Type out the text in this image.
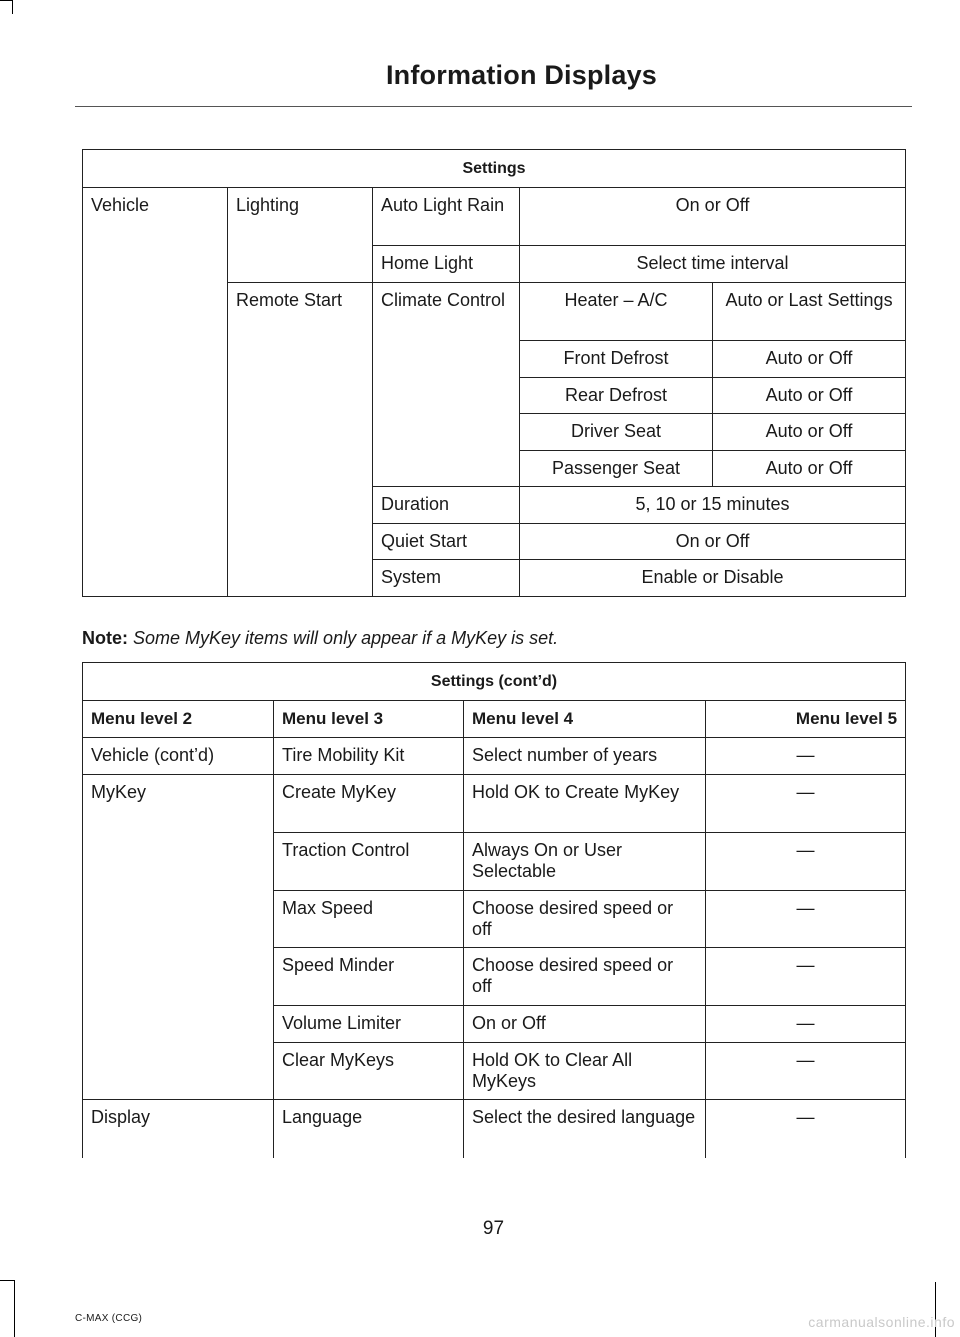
Information Displays
Settings				
Vehicle	Lighting	Auto Light Rain	On or Off	
		Home Light	Select time interval	
	Remote Start	Climate Control	Heater – A/C	Auto or Last Settings
			Front Defrost	Auto or Off
			Rear Defrost	Auto or Off
			Driver Seat	Auto or Off
			Passenger Seat	Auto or Off
		Duration	5, 10 or 15 minutes	
		Quiet Start	On or Off	
		System	Enable or Disable	
Note: Some MyKey items will only appear if a MyKey is set.
Settings (cont’d)			
Menu level 2	Menu level 3	Menu level 4	Menu level 5
Vehicle (cont’d)	Tire Mobility Kit	Select number of years	—
MyKey	Create MyKey	Hold OK to Create MyKey	—
	Traction Control	Always On or User Selectable	—
	Max Speed	Choose desired speed or off	—
	Speed Minder	Choose desired speed or off	—
	Volume Limiter	On or Off	—
	Clear MyKeys	Hold OK to Clear All MyKeys	—
Display	Language	Select the desired language	—
97
C-MAX (CCG)	carmanualsonline.info
